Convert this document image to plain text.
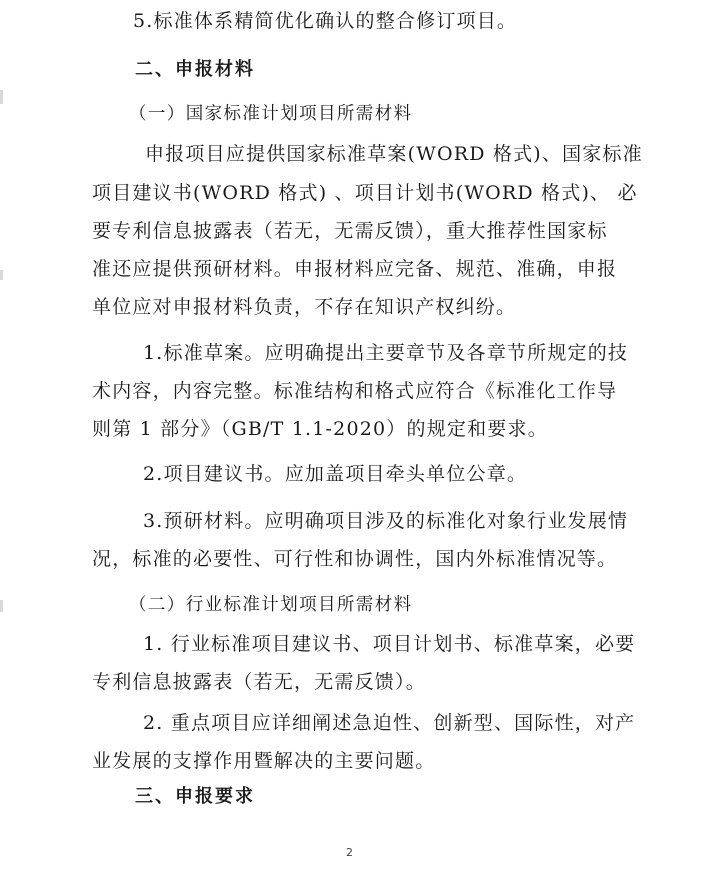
5.标准体系精简优化确认的整合修订项目。
二、申报材料
（一）国家标准计划项目所需材料
申报项目应提供国家标准草案(WORD 格式)、国家标准
项目建议书(WORD 格式) 、项目计划书(WORD 格式)、 必
要专利信息披露表（若无，无需反馈），重大推荐性国家标
准还应提供预研材料。申报材料应完备、规范、准确，申报
单位应对申报材料负责，不存在知识产权纠纷。
1.标准草案。应明确提出主要章节及各章节所规定的技
术内容，内容完整。标准结构和格式应符合《标准化工作导
则第 1 部分》（GB/T 1.1-2020）的规定和要求。
2.项目建议书。应加盖项目牵头单位公章。
3.预研材料。应明确项目涉及的标准化对象行业发展情
况，标准的必要性、可行性和协调性，国内外标准情况等。
（二）行业标准计划项目所需材料
1. 行业标准项目建议书、项目计划书、标准草案，必要
专利信息披露表（若无，无需反馈）。
2. 重点项目应详细阐述急迫性、创新型、国际性，对产
业发展的支撑作用暨解决的主要问题。
三、申报要求
2
